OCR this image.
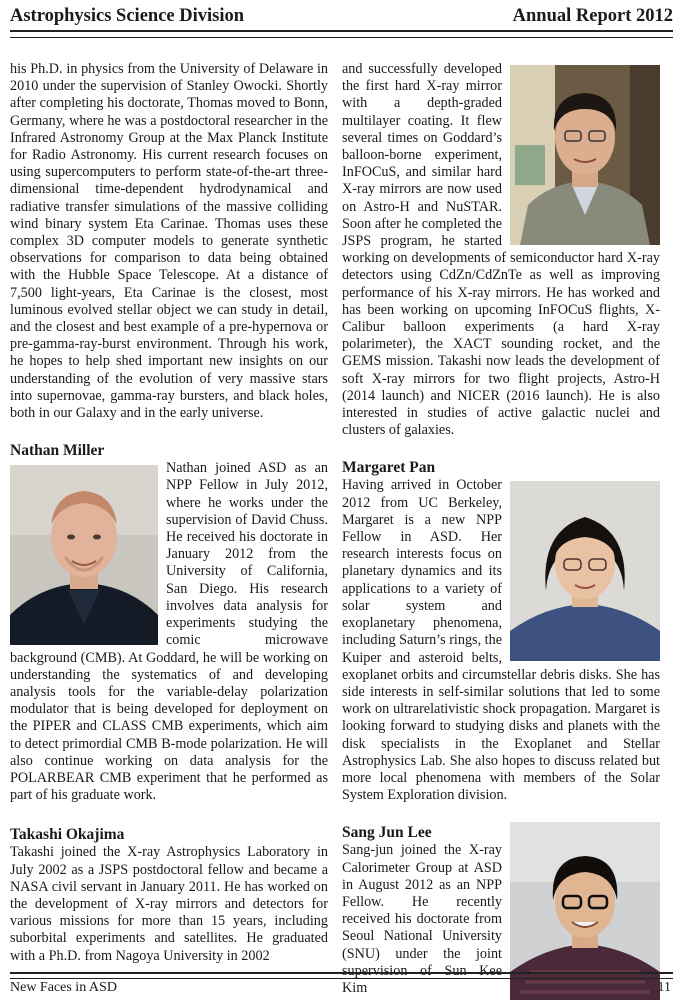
Astrophysics Science Division	Annual Report 2012

his Ph.D. in physics from the University of Delaware in 2010 under the supervision of Stanley Owocki. Shortly after completing his doctorate, Thomas moved to Bonn, Germany, where he was a postdoctoral researcher in the Infrared Astronomy Group at the Max Planck Institute for Radio Astronomy. His current research focuses on using supercomputers to perform state-of-the-art three-dimensional time-dependent hydrodynamical and radiative transfer simulations of the massive colliding wind binary system Eta Carinae. Thomas uses these complex 3D computer models to generate synthetic observations for comparison to data being obtained with the Hubble Space Telescope. At a distance of 7,500 light-years, Eta Carinae is the closest, most luminous evolved stellar object we can study in detail, and the closest and best example of a pre-hypernova or pre-gamma-ray-burst environment. Through his work, he hopes to help shed important new insights on our understanding of the evolution of very massive stars into supernovae, gamma-ray bursters, and black holes, both in our Galaxy and in the early universe.

Nathan Miller

Nathan joined ASD as an NPP Fellow in July 2012, where he works under the supervision of David Chuss. He received his doctorate in January 2012 from the University of California, San Diego. His research involves data analysis for experiments studying the comic microwave background (CMB). At Goddard, he will be working on understanding the systematics of and developing analysis tools for the variable-delay polarization modulator that is being developed for deployment on the PIPER and CLASS CMB experiments, which aim to detect primordial CMB B-mode polarization. He will also continue working on data analysis for the POLARBEAR CMB experiment that he performed as part of his graduate work.

Takashi Okajima

Takashi joined the X-ray Astrophysics Laboratory in July 2002 as a JSPS postdoctoral fellow and became a NASA civil servant in January 2011. He has worked on the development of X-ray mirrors and detectors for various missions for more than 15 years, including suborbital experiments and satellites. He graduated with a Ph.D. from Nagoya University in 2002

and successfully developed the first hard X-ray mirror with a depth-graded multilayer coating. It flew several times on Goddard’s balloon-borne experiment, InFOCuS, and similar hard X-ray mirrors are now used on Astro-H and NuSTAR. Soon after he completed the JSPS program, he started working on developments of semiconductor hard X-ray detectors using CdZn/CdZnTe as well as improving performance of his X-ray mirrors. He has worked and has been working on upcoming InFOCuS flights, X-Calibur balloon experiments (a hard X-ray polarimeter), the XACT sounding rocket, and the GEMS mission. Takashi now leads the development of soft X-ray mirrors for two flight projects, Astro-H (2014 launch) and NICER (2016 launch). He is also interested in studies of active galactic nuclei and clusters of galaxies.

Margaret Pan

Having arrived in October 2012 from UC Berkeley, Margaret is a new NPP Fellow in ASD. Her research interests focus on planetary dynamics and its applications to a variety of solar system and exoplanetary phenomena, including Saturn’s rings, the Kuiper and asteroid belts, exoplanet orbits and circumstellar debris disks. She has side interests in self-similar solutions that led to some work on ultrarelativistic shock propagation. Margaret is looking forward to studying disks and planets with the disk specialists in the Exoplanet and Stellar Astrophysics Lab. She also hopes to discuss related but more local phenomena with members of the Solar System Exploration division.

Sang Jun Lee

Sang-jun joined the X-ray Calorimeter Group at ASD in August 2012 as an NPP Fellow. He recently received his doctorate from Seoul National University (SNU) under the joint supervision of Sun Kee Kim

New Faces in ASD	11
